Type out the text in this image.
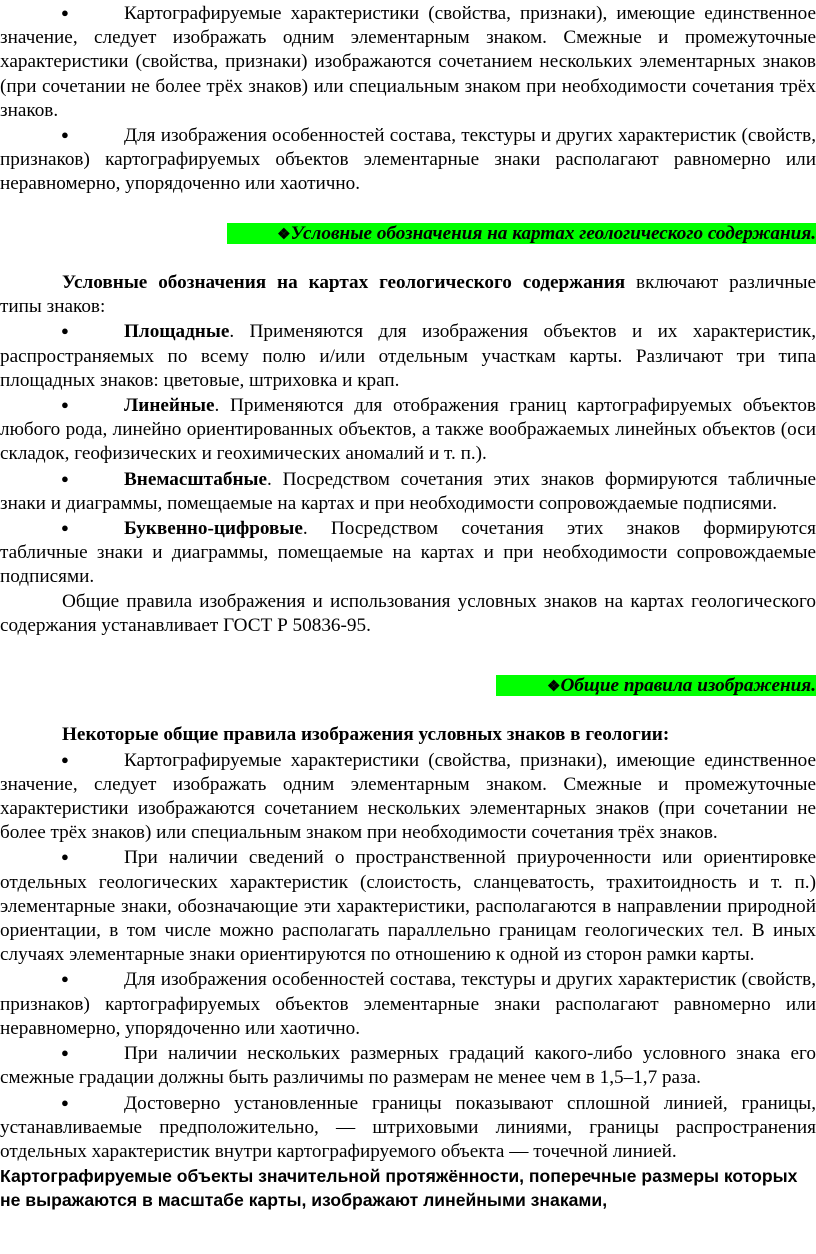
●	Картографируемые характеристики (свойства, признаки), имеющие единственное значение, следует изображать одним элементарным знаком. Смежные и промежуточные характеристики (свойства, признаки) изображаются сочетанием нескольких элементарных знаков (при сочетании не более трёх знаков) или специальным знаком при необходимости сочетания трёх знаков.

●	Для изображения особенностей состава, текстуры и других характеристик (свойств, признаков) картографируемых объектов элементарные знаки располагают равномерно или неравномерно, упорядоченно или хаотично.

❖Условные обозначения на картах геологического содержания.

Условные обозначения на картах геологического содержания включают различные типы знаков:

●	Площадные. Применяются для изображения объектов и их характеристик, распространяемых по всему полю и/или отдельным участкам карты. Различают три типа площадных знаков: цветовые, штриховка и крап.

●	Линейные. Применяются для отображения границ картографируемых объектов любого рода, линейно ориентированных объектов, а также воображаемых линейных объектов (оси складок, геофизических и геохимических аномалий и т. п.).

●	Внемасштабные. Посредством сочетания этих знаков формируются табличные знаки и диаграммы, помещаемые на картах и при необходимости сопровождаемые подписями.

●	Буквенно-цифровые. Посредством сочетания этих знаков формируются табличные знаки и диаграммы, помещаемые на картах и при необходимости сопровождаемые подписями.

Общие правила изображения и использования условных знаков на картах геологического содержания устанавливает ГОСТ Р 50836-95.

❖Общие правила изображения.

Некоторые общие правила изображения условных знаков в геологии:

●	Картографируемые характеристики (свойства, признаки), имеющие единственное значение, следует изображать одним элементарным знаком. Смежные и промежуточные характеристики изображаются сочетанием нескольких элементарных знаков (при сочетании не более трёх знаков) или специальным знаком при необходимости сочетания трёх знаков.

●	При наличии сведений о пространственной приуроченности или ориентировке отдельных геологических характеристик (слоистость, сланцеватость, трахитоидность и т. п.) элементарные знаки, обозначающие эти характеристики, располагаются в направлении природной ориентации, в том числе можно располагать параллельно границам геологических тел. В иных случаях элементарные знаки ориентируются по отношению к одной из сторон рамки карты.

●	Для изображения особенностей состава, текстуры и других характеристик (свойств, признаков) картографируемых объектов элементарные знаки располагают равномерно или неравномерно, упорядоченно или хаотично.

●	При наличии нескольких размерных градаций какого-либо условного знака его смежные градации должны быть различимы по размерам не менее чем в 1,5–1,7 раза.

●	Достоверно установленные границы показывают сплошной линией, границы, устанавливаемые предположительно, — штриховыми линиями, границы распространения отдельных характеристик внутри картографируемого объекта — точечной линией.

Картографируемые объекты значительной протяжённости, поперечные размеры которых не выражаются в масштабе карты, изображают линейными знаками,
